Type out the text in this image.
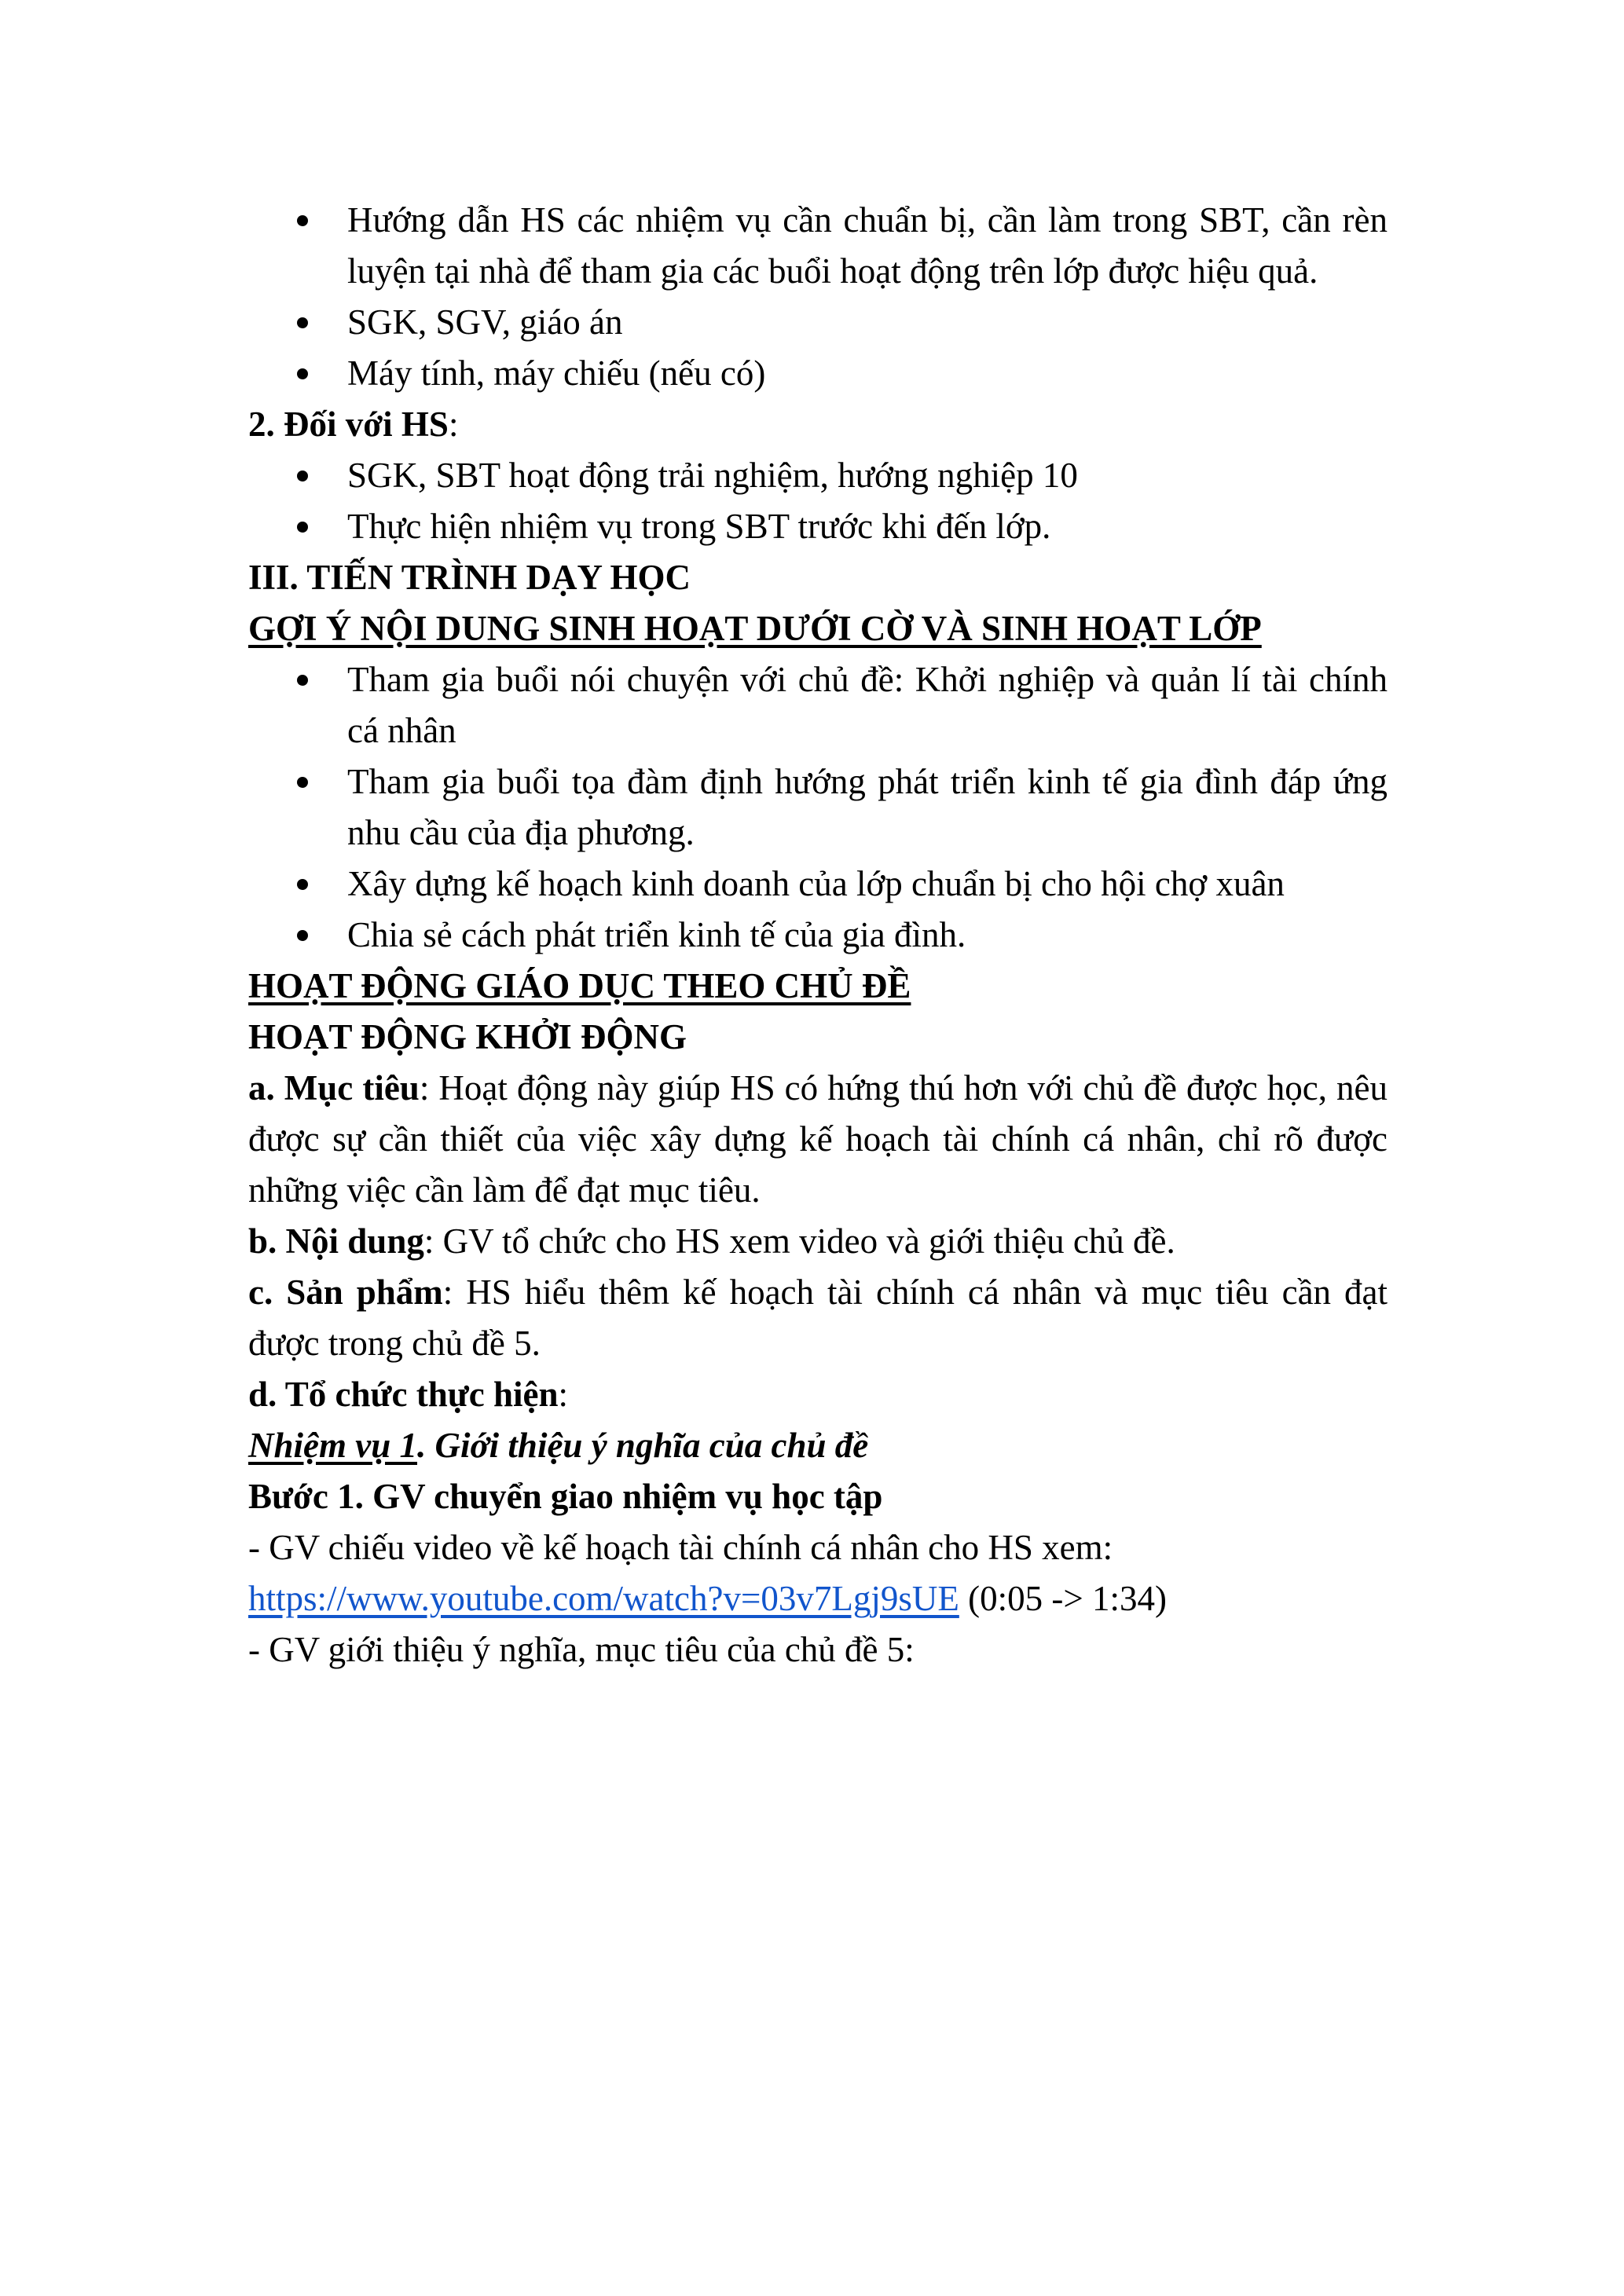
Hướng dẫn HS các nhiệm vụ cần chuẩn bị, cần làm trong SBT, cần rèn luyện tại nhà để tham gia các buổi hoạt động trên lớp được hiệu quả.
SGK, SGV, giáo án
Máy tính, máy chiếu (nếu có)

2. Đối với HS:

SGK, SBT hoạt động trải nghiệm, hướng nghiệp 10
Thực hiện nhiệm vụ trong SBT trước khi đến lớp.

III. TIẾN TRÌNH DẠY HỌC

GỢI Ý NỘI DUNG SINH HOẠT DƯỚI CỜ VÀ SINH HOẠT LỚP

Tham gia buổi nói chuyện với chủ đề: Khởi nghiệp và quản lí tài chính cá nhân
Tham gia buổi tọa đàm định hướng phát triển kinh tế gia đình đáp ứng nhu cầu của địa phương.
Xây dựng kế hoạch kinh doanh của lớp chuẩn bị cho hội chợ xuân
Chia sẻ cách phát triển kinh tế của gia đình.

HOẠT ĐỘNG GIÁO DỤC THEO CHỦ ĐỀ

HOẠT ĐỘNG KHỞI ĐỘNG

a. Mục tiêu: Hoạt động này giúp HS có hứng thú hơn với chủ đề được học, nêu được sự cần thiết của việc xây dựng kế hoạch tài chính cá nhân, chỉ rõ được những việc cần làm để đạt mục tiêu.

b. Nội dung: GV tổ chức cho HS xem video và giới thiệu chủ đề.

c. Sản phẩm: HS hiểu thêm kế hoạch tài chính cá nhân và mục tiêu cần đạt được trong chủ đề 5.

d. Tổ chức thực hiện:

Nhiệm vụ 1. Giới thiệu ý nghĩa của chủ đề

Bước 1. GV chuyển giao nhiệm vụ học tập

- GV chiếu video về kế hoạch tài chính cá nhân cho HS xem:

https://www.youtube.com/watch?v=03v7Lgj9sUE (0:05 -> 1:34)

- GV giới thiệu ý nghĩa, mục tiêu của chủ đề 5:
